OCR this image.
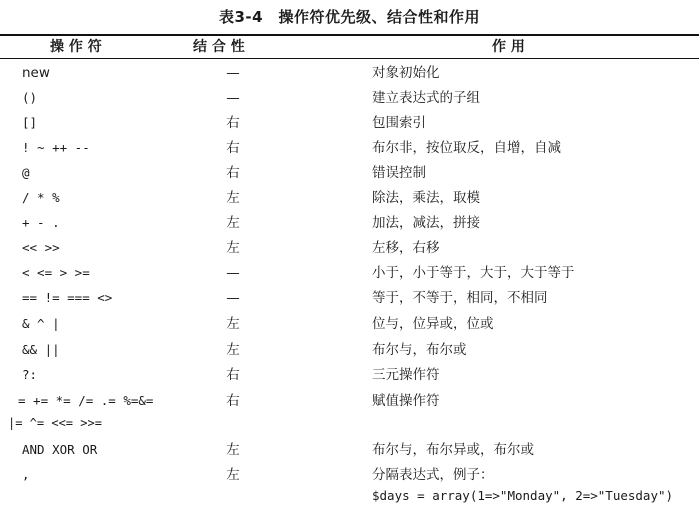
表3-4　操作符优先级、结合性和作用
操 作 符	结 合 性	作 用
new	—	对象初始化
()	—	建立表达式的子组
[]	右	包围索引
! ~ ++ --	右	布尔非，按位取反，自增，自减
@	右	错误控制
/ * %	左	除法，乘法，取模
+ - .	左	加法，减法，拼接
<< >>	左	左移，右移
< <= > >=	—	小于，小于等于，大于，大于等于
== != === <>	—	等于，不等于，相同，不相同
& ^ |	左	位与，位异或，位或
&& ||	左	布尔与，布尔或
?:	右	三元操作符
= += *= /= .= %=&=	右	赋值操作符
|= ^= <<= >>=
AND XOR OR	左	布尔与，布尔异或，布尔或
,	左	分隔表达式，例子：
$days = array(1=>"Monday", 2=>"Tuesday")
